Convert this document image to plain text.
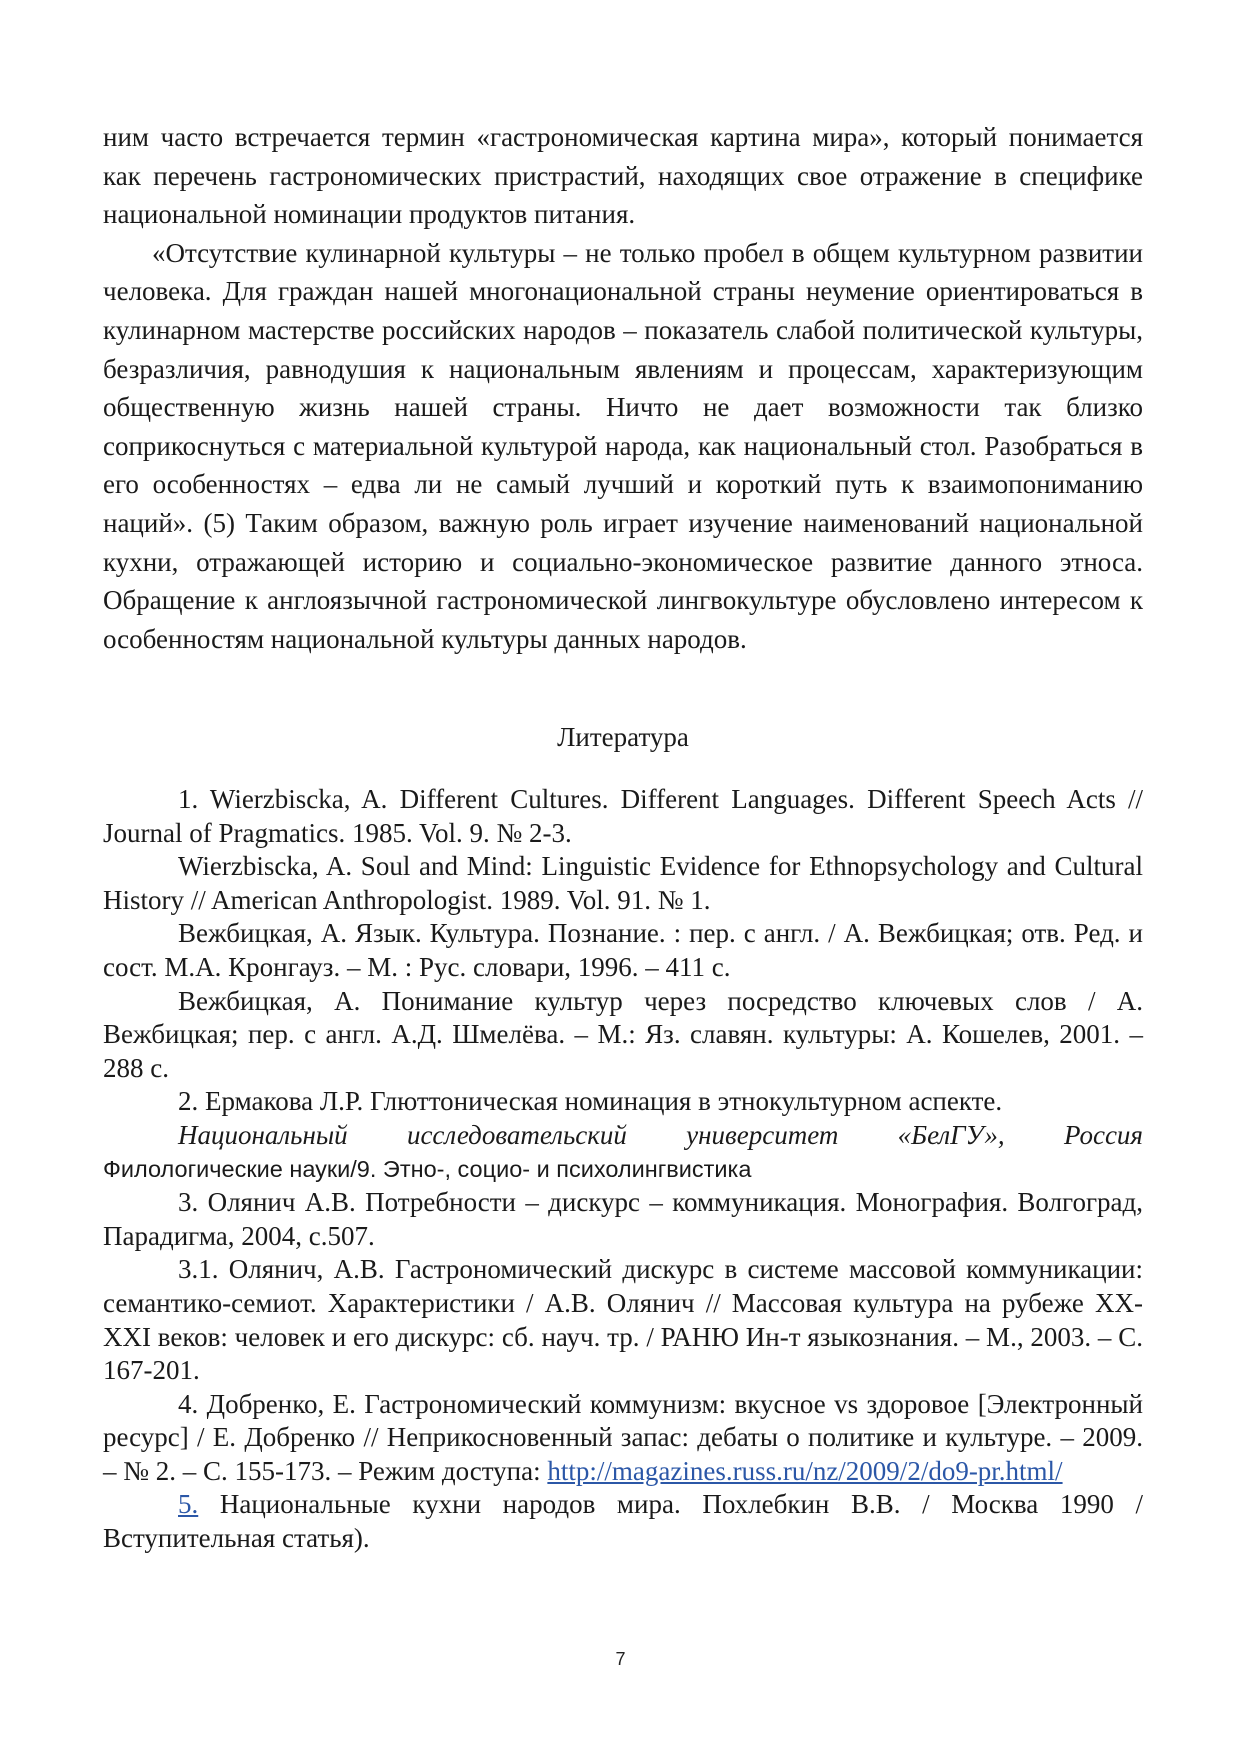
ним часто встречается термин «гастрономическая картина мира», который понимается как перечень гастрономических пристрастий, находящих свое отражение в специфике национальной номинации продуктов питания.

«Отсутствие кулинарной культуры – не только пробел в общем культурном развитии человека. Для граждан нашей многонациональной страны неумение ориентироваться в кулинарном мастерстве российских народов – показатель слабой политической культуры, безразличия, равнодушия к национальным явлениям и процессам, характеризующим общественную жизнь нашей страны. Ничто не дает возможности так близко соприкоснуться с материальной культурой народа, как национальный стол. Разобраться в его особенностях – едва ли не самый лучший и короткий путь к взаимопониманию наций». (5) Таким образом, важную роль играет изучение наименований национальной кухни, отражающей историю и социально-экономическое развитие данного этноса. Обращение к англоязычной гастрономической лингвокультуре обусловлено интересом к особенностям национальной культуры данных народов.

Литература

1. Wierzbiscka, A. Different Cultures. Different Languages. Different Speech Acts // Journal of Pragmatics. 1985. Vol. 9. № 2-3.

Wierzbiscka, A. Soul and Mind: Linguistic Evidence for Ethnopsychology and Cultural History // American Anthropologist. 1989. Vol. 91. № 1.

Вежбицкая, А. Язык. Культура. Познание. : пер. с англ. / А. Вежбицкая; отв. Ред. и сост. М.А. Кронгауз. – М. : Рус. словари, 1996. – 411 с.

Вежбицкая, А. Понимание культур через посредство ключевых слов / А. Вежбицкая; пер. с англ. А.Д. Шмелёва. – М.: Яз. славян. культуры: А. Кошелев, 2001. – 288 с.

2. Ермакова Л.Р. Глюттоническая номинация в этнокультурном аспекте.

Национальный исследовательский университет «БелГУ», Россия

Филологические науки/9. Этно-, социо- и психолингвистика

3. Олянич А.В. Потребности – дискурс – коммуникация. Монография. Волгоград, Парадигма, 2004, с.507.

3.1. Олянич, А.В. Гастрономический дискурс в системе массовой коммуникации: семантико-семиот. Характеристики / А.В. Олянич // Массовая культура на рубеже XX-XXI веков: человек и его дискурс: сб. науч. тр. / РАНЮ Ин-т языкознания. – М., 2003. – С. 167-201.

4. Добренко, Е. Гастрономический коммунизм: вкусное vs здоровое [Электронный ресурс] / Е. Добренко // Неприкосновенный запас: дебаты о политике и культуре. – 2009. – № 2. – С. 155-173. – Режим доступа: http://magazines.russ.ru/nz/2009/2/do9-pr.html/

5. Национальные кухни народов мира. Похлебкин В.В. / Москва 1990 / Вступительная статья).

7
